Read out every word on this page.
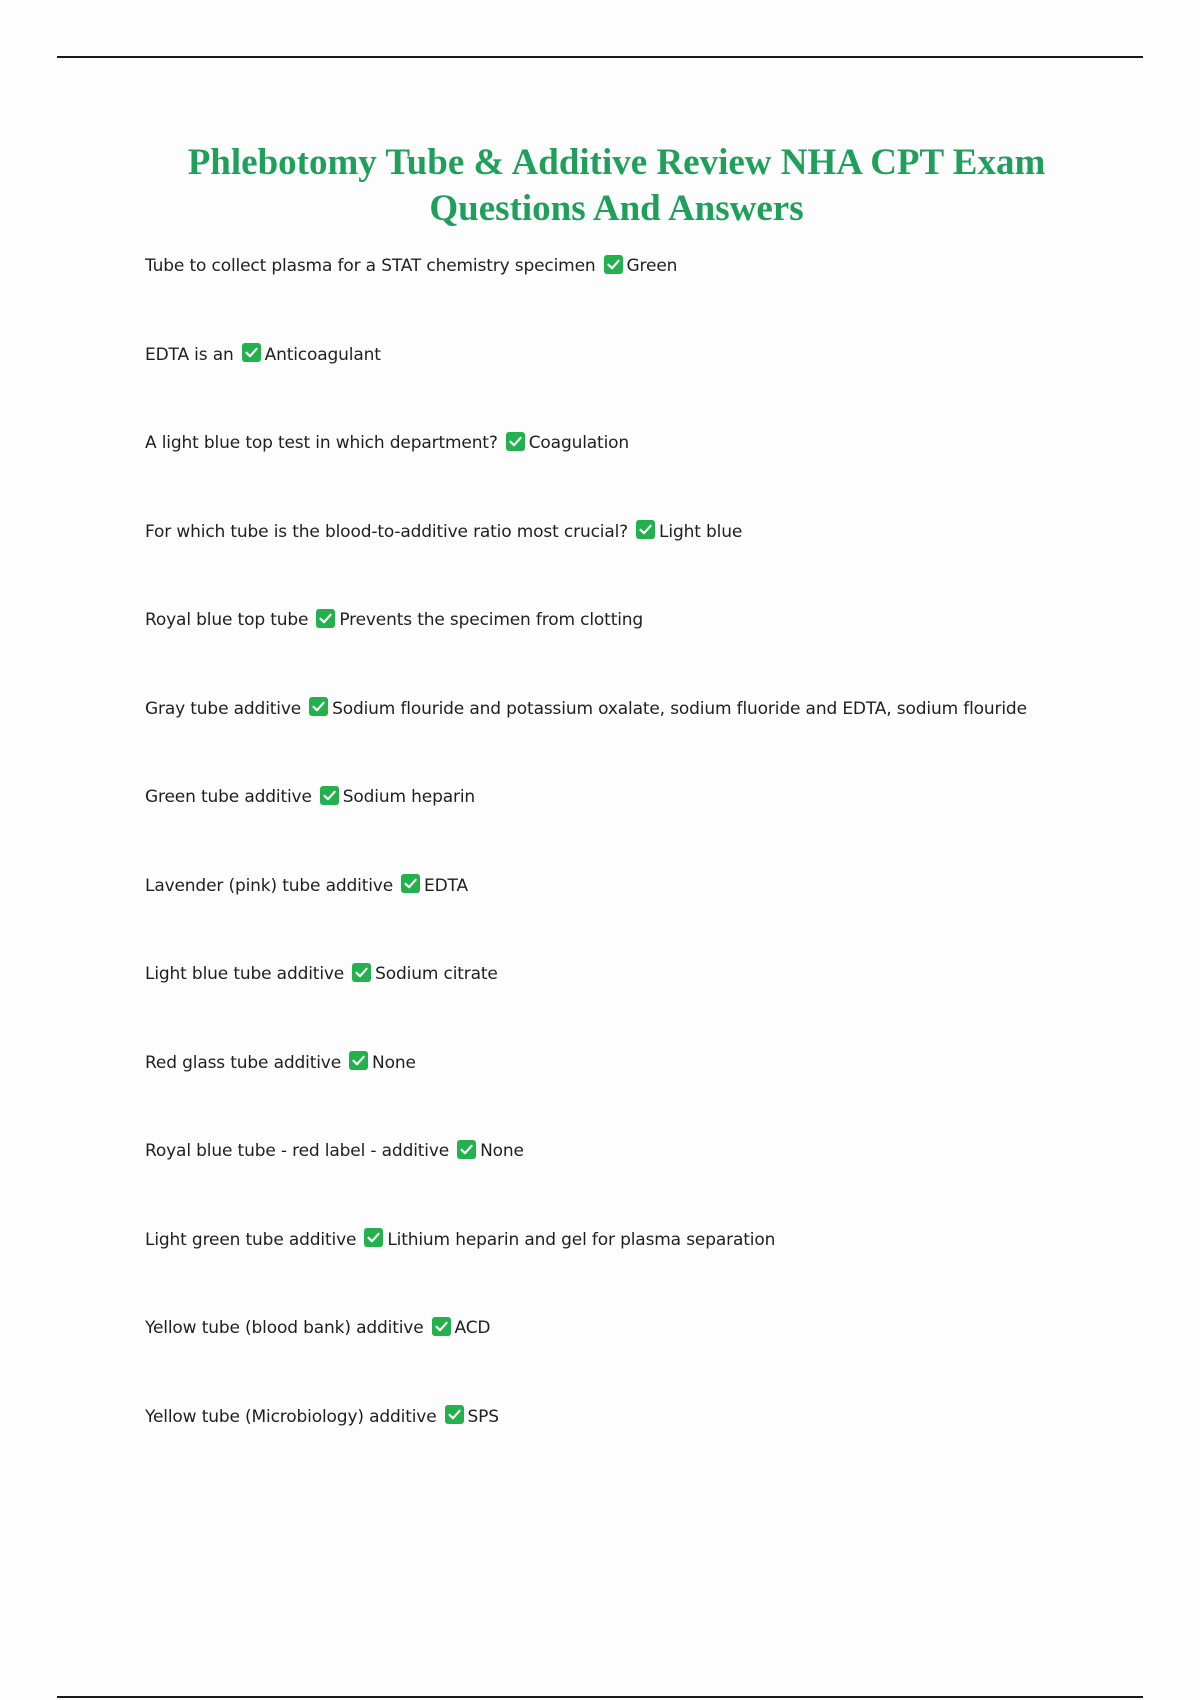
Phlebotomy Tube & Additive Review NHA CPT Exam Questions And Answers
Tube to collect plasma for a STAT chemistry specimen Green
EDTA is an Anticoagulant
A light blue top test in which department? Coagulation
For which tube is the blood-to-additive ratio most crucial? Light blue
Royal blue top tube Prevents the specimen from clotting
Gray tube additive Sodium flouride and potassium oxalate, sodium fluoride and EDTA, sodium flouride
Green tube additive Sodium heparin
Lavender (pink) tube additive EDTA
Light blue tube additive Sodium citrate
Red glass tube additive None
Royal blue tube - red label - additive None
Light green tube additive Lithium heparin and gel for plasma separation
Yellow tube (blood bank) additive ACD
Yellow tube (Microbiology) additive SPS
